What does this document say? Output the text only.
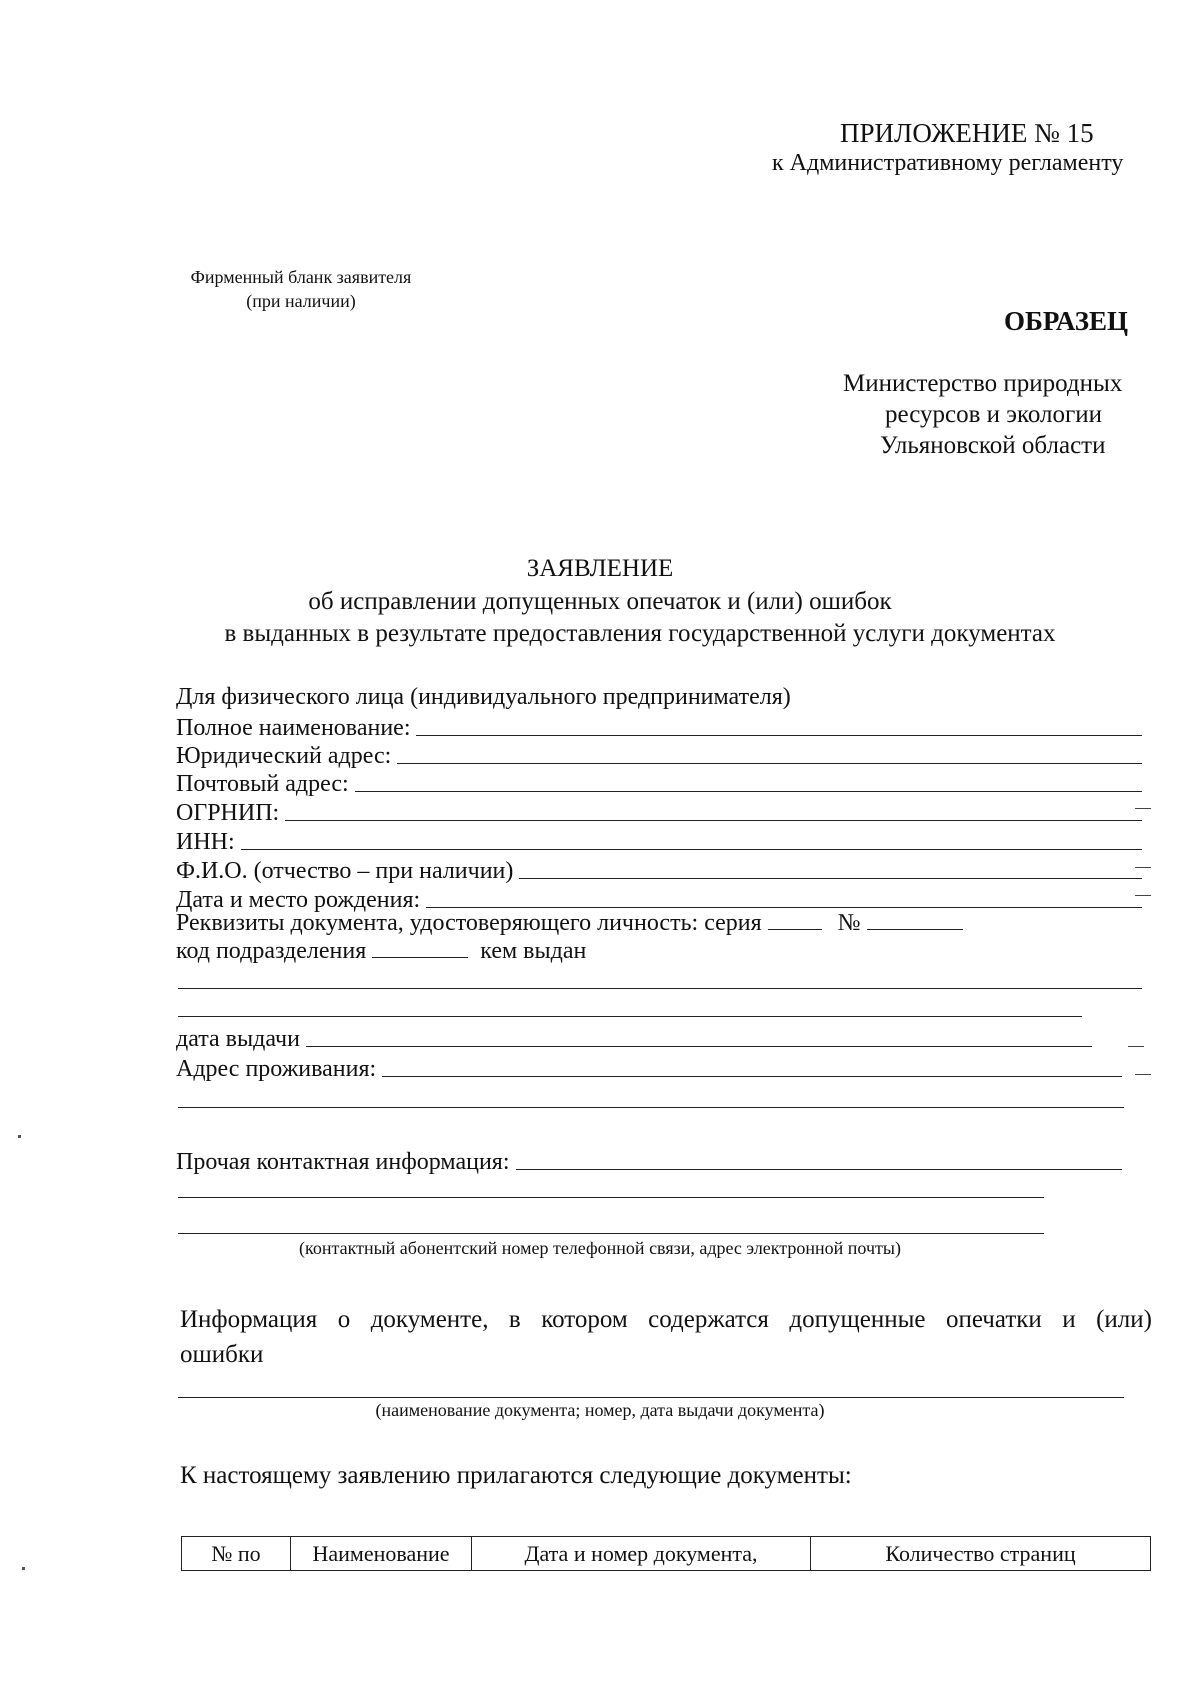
ПРИЛОЖЕНИЕ № 15
к Административному регламенту
Фирменный бланк заявителя
(при наличии)
ОБРАЗЕЦ
Министерство природных
ресурсов и экологии
Ульяновской области
ЗАЯВЛЕНИЕ
об исправлении допущенных опечаток и (или) ошибок
в выданных в результате предоставления государственной услуги документах
Для физического лица (индивидуального предпринимателя)
Полное наименование:
Юридический адрес:
Почтовый адрес:
ОГРНИП:
ИНН:
Ф.И.О. (отчество – при наличии)
Дата и место рождения:
Реквизиты документа, удостоверяющего личность: серия	№
код подразделения	кем выдан
дата выдачи
Адрес проживания:
Прочая контактная информация:
(контактный абонентский номер телефонной связи, адрес электронной почты)
Информация о документе, в котором содержатся допущенные опечатки и (или)
ошибки
(наименование документа; номер, дата выдачи документа)
К настоящему заявлению прилагаются следующие документы:
№ по	Наименование	Дата и номер документа,	Количество страниц
